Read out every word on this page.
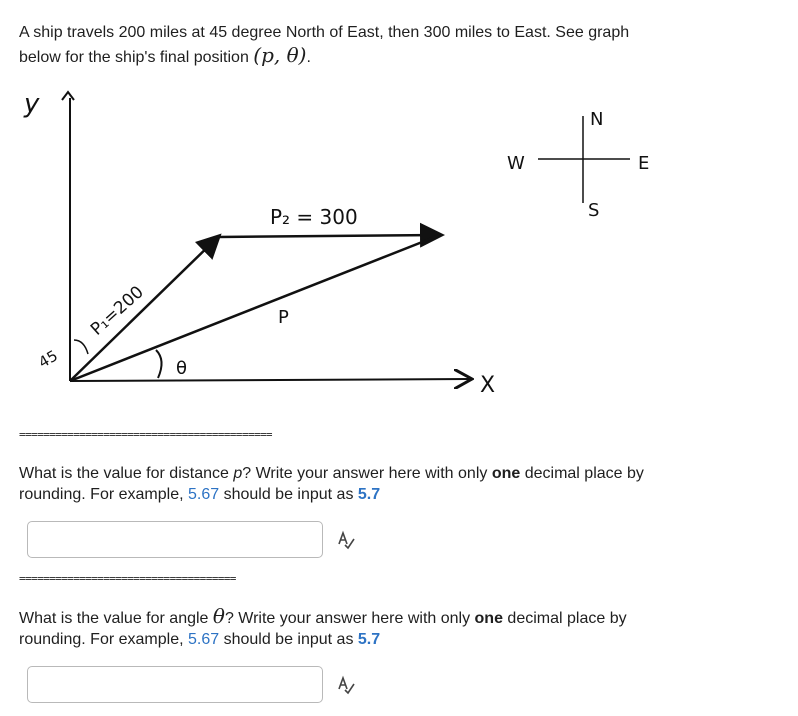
A ship travels 200 miles at 45 degree North of East, then 300 miles to East. See graph below for the ship's final position (p, θ).
y
X
45	θ
P₁=200
P₂ = 300
P
N
S
W	E
==========================================
What is the value for distance p? Write your answer here with only one decimal place by rounding. For example, 5.67 should be input as 5.7
====================================
What is the value for angle θ? Write your answer here with only one decimal place by rounding. For example, 5.67 should be input as 5.7
